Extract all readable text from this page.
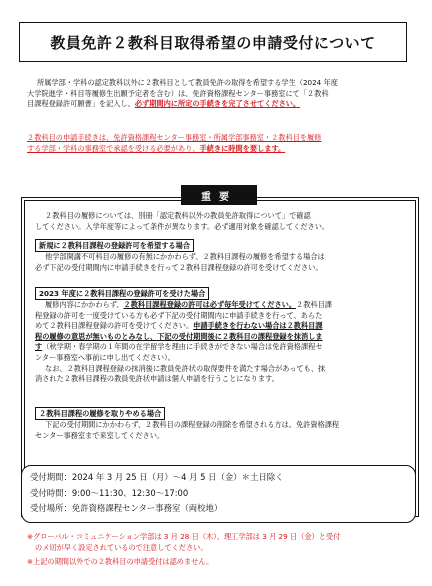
教員免許２教科目取得希望の申請受付について
所属学部・学科の認定教科以外に２教科目として教員免許の取得を希望する学生（2024 年度
大学院進学・科目等履修生出願予定者を含む）は、免許資格課程センター事務室にて「２教科
目課程登録許可願書」を記入し、必ず期間内に所定の手続きを完了させてください。
２教科目の申請手続きは、免許資格課程センター事務室・所属学部事務室・２教科目を履修
する学部・学科の事務室で承認を受ける必要があり、手続きに時間を要します。
重要
２教科目の履修については、別冊「認定教科以外の教員免許取得について」で確認
してください。入学年度等によって条件が異なります。必ず適用対象を確認してください。
新規に２教科目課程の登録許可を希望する場合
他学部開講不可科目の履修の有無にかかわらず、２教科目課程の履修を希望する場合は
必ず下記の受付期間内に申請手続きを行って２教科目課程登録の許可を受けてください。
2023 年度に２教科目課程の登録許可を受けた場合
履修内容にかかわらず、２教科目課程登録の許可は必ず毎年受けてください。２教科目課
程登録の許可を一度受けている方も必ず下記の受付期間内に申請手続きを行って、あらた
めて２教科目課程登録の許可を受けてください。申請手続きを行わない場合は２教科目課
程の履修の意思が無いものとみなし、下記の受付期間後に２教科目の課程登録を抹消しま
す（秋学期・春学期の１年間の在学留学を理由に手続きができない場合は免許資格課程セ
ンター事務室へ事前に申し出てください）。
なお、２教科目課程登録の抹消後に教員免許状の取得要件を満たす場合があっても、抹
消された２教科目課程の教員免許状申請は個人申請を行うことになります。
２教科目課程の履修を取りやめる場合
下記の受付期間にかかわらず、２教科目の課程登録の削除を希望される方は、免許資格課程
センター事務室まで来室してください。
受付期間：2024 年 3 月 25 日（月）～4 月 5 日（金）＊土日除く
受付時間：9:00～11:30、12:30～17:00
受付場所：免許資格課程センター事務室（両校地）
※グローバル・コミュニケーション学部は 3 月 28 日（木）、理工学部は 3 月 29 日（金）と受付
のメ切が早く設定されているので注意してください。
※上記の期間以外での２教科目の申請受付は認めません。
